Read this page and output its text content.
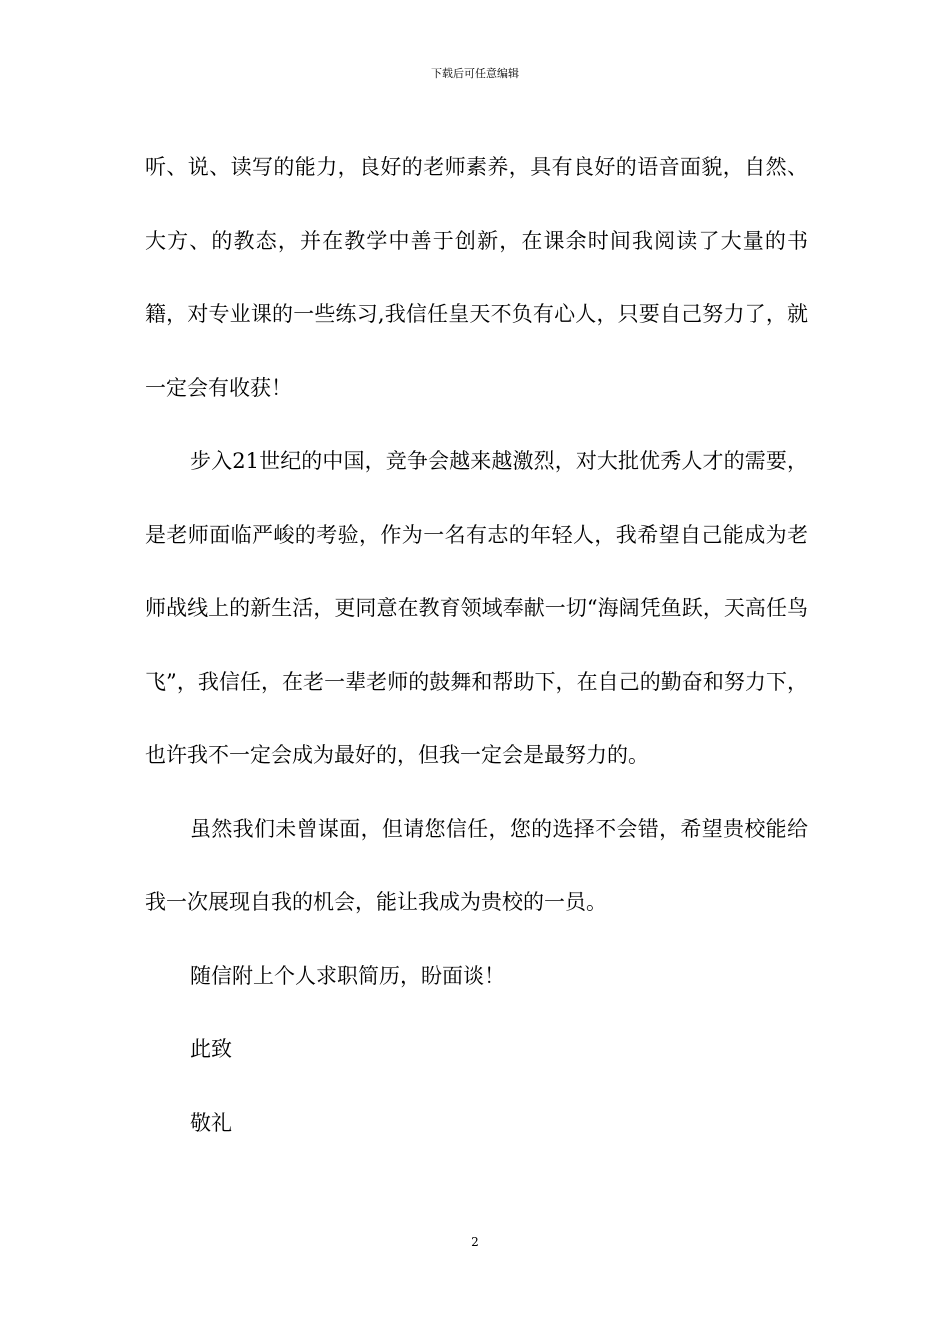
下载后可任意编辑

听、说、读写的能力，良好的老师素养，具有良好的语音面貌，自然、大方、的教态，并在教学中善于创新，在课余时间我阅读了大量的书籍，对专业课的一些练习,我信任皇天不负有心人，只要自己努力了，就一定会有收获！

步入21世纪的中国，竞争会越来越激烈，对大批优秀人才的需要，是老师面临严峻的考验，作为一名有志的年轻人，我希望自己能成为老师战线上的新生活，更同意在教育领域奉献一切“海阔凭鱼跃，天高任鸟飞”，我信任，在老一辈老师的鼓舞和帮助下，在自己的勤奋和努力下，也许我不一定会成为最好的，但我一定会是最努力的。

虽然我们未曾谋面，但请您信任，您的选择不会错，希望贵校能给我一次展现自我的机会，能让我成为贵校的一员。

随信附上个人求职简历，盼面谈！

此致

敬礼

2
